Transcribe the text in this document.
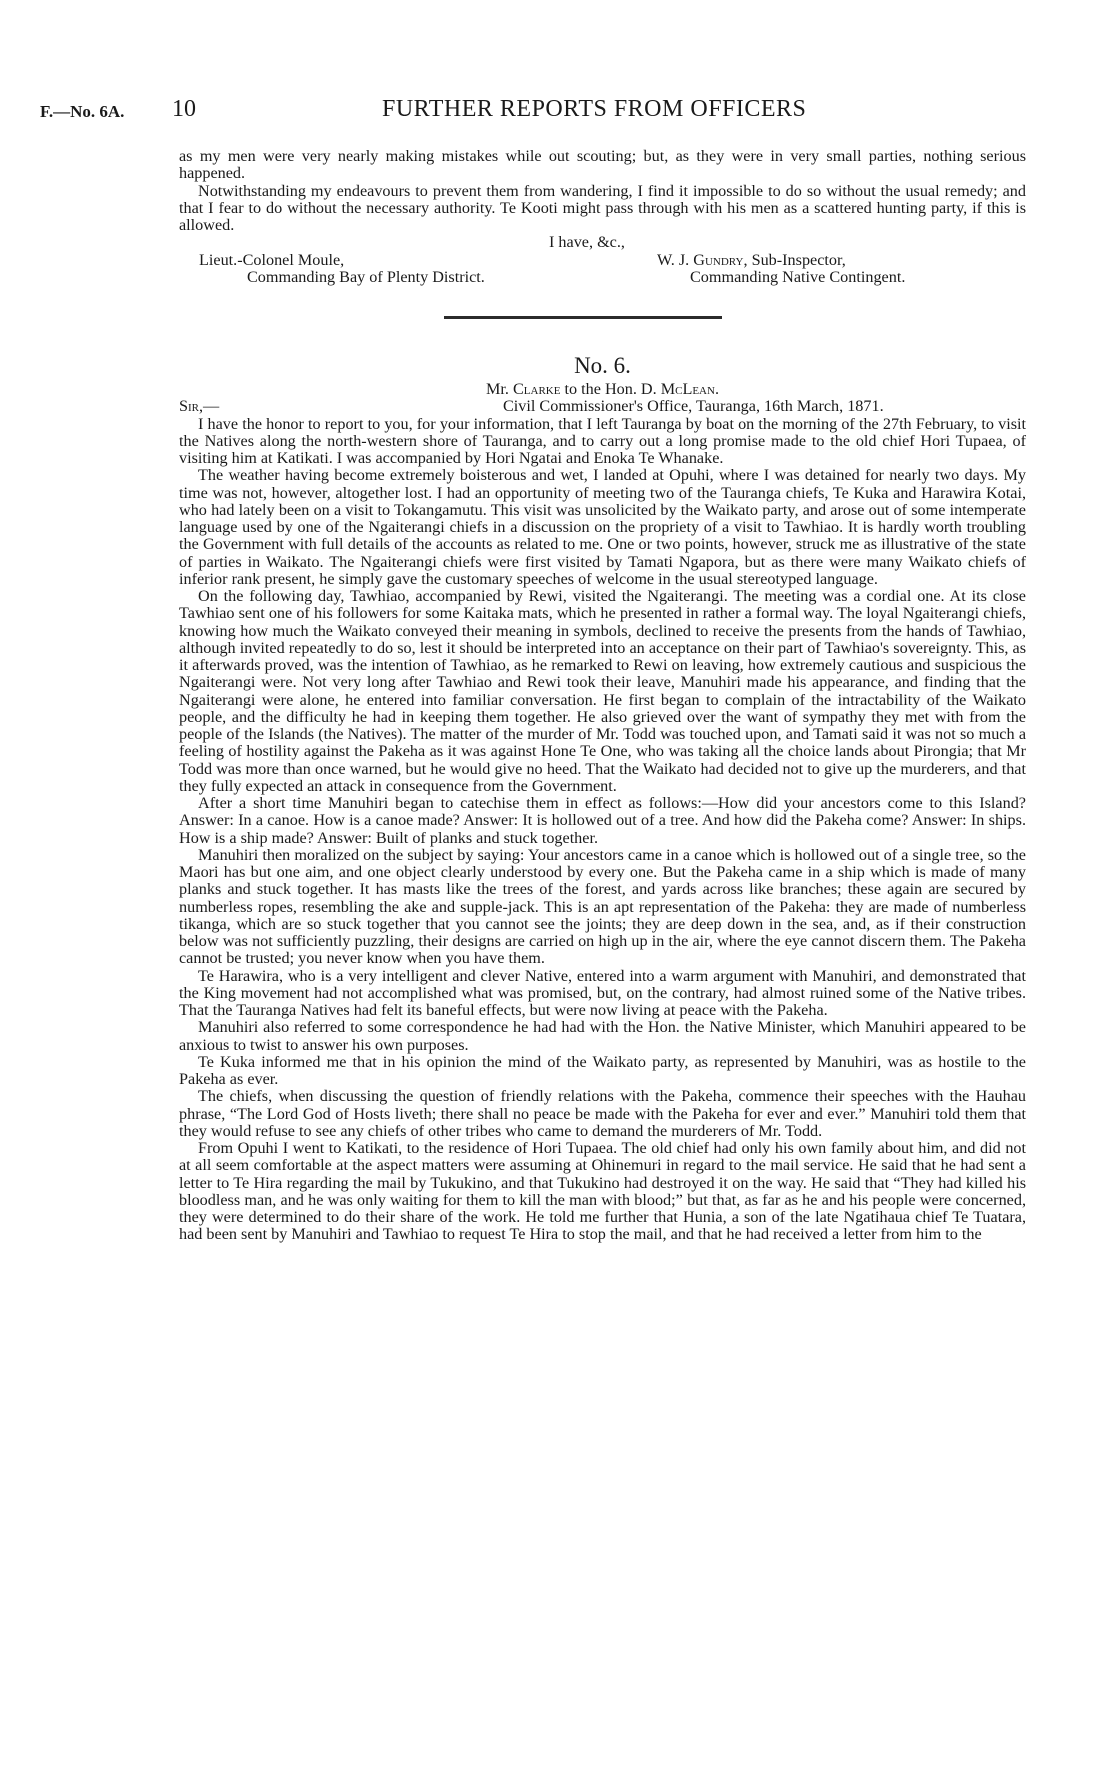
F.—No. 6A. 10	FURTHER REPORTS FROM OFFICERS

as my men were very nearly making mistakes while out scouting; but, as they were in very small parties, nothing serious happened.

Notwithstanding my endeavours to prevent them from wandering, I find it impossible to do so without the usual remedy; and that I fear to do without the necessary authority. Te Kooti might pass through with his men as a scattered hunting party, if this is allowed.

I have, &c.,

Lieut.-Colonel Moule,
Commanding Bay of Plenty District.
W. J. Gundry, Sub-Inspector,
Commanding Native Contingent.
No. 6.
Mr. Clarke to the Hon. D. McLean.
Sir,—	Civil Commissioner's Office, Tauranga, 16th March, 1871.

I have the honor to report to you, for your information, that I left Tauranga by boat on the morning of the 27th February, to visit the Natives along the north-western shore of Tauranga, and to carry out a long promise made to the old chief Hori Tupaea, of visiting him at Katikati. I was accompanied by Hori Ngatai and Enoka Te Whanake.

The weather having become extremely boisterous and wet, I landed at Opuhi, where I was detained for nearly two days. My time was not, however, altogether lost. I had an opportunity of meeting two of the Tauranga chiefs, Te Kuka and Harawira Kotai, who had lately been on a visit to Tokangamutu. This visit was unsolicited by the Waikato party, and arose out of some intemperate language used by one of the Ngaiterangi chiefs in a discussion on the propriety of a visit to Tawhiao. It is hardly worth troubling the Government with full details of the accounts as related to me. One or two points, however, struck me as illustrative of the state of parties in Waikato. The Ngaiterangi chiefs were first visited by Tamati Ngapora, but as there were many Waikato chiefs of inferior rank present, he simply gave the customary speeches of welcome in the usual stereotyped language.

On the following day, Tawhiao, accompanied by Rewi, visited the Ngaiterangi. The meeting was a cordial one. At its close Tawhiao sent one of his followers for some Kaitaka mats, which he presented in rather a formal way. The loyal Ngaiterangi chiefs, knowing how much the Waikato conveyed their meaning in symbols, declined to receive the presents from the hands of Tawhiao, although invited repeatedly to do so, lest it should be interpreted into an acceptance on their part of Tawhiao's sovereignty. This, as it afterwards proved, was the intention of Tawhiao, as he remarked to Rewi on leaving, how extremely cautious and suspicious the Ngaiterangi were. Not very long after Tawhiao and Rewi took their leave, Manuhiri made his appearance, and finding that the Ngaiterangi were alone, he entered into familiar conversation. He first began to complain of the intractability of the Waikato people, and the difficulty he had in keeping them together. He also grieved over the want of sympathy they met with from the people of the Islands (the Natives). The matter of the murder of Mr. Todd was touched upon, and Tamati said it was not so much a feeling of hostility against the Pakeha as it was against Hone Te One, who was taking all the choice lands about Pirongia; that Mr Todd was more than once warned, but he would give no heed. That the Waikato had decided not to give up the murderers, and that they fully expected an attack in consequence from the Government.

After a short time Manuhiri began to catechise them in effect as follows:—How did your ancestors come to this Island? Answer: In a canoe. How is a canoe made? Answer: It is hollowed out of a tree. And how did the Pakeha come? Answer: In ships. How is a ship made? Answer: Built of planks and stuck together.

Manuhiri then moralized on the subject by saying: Your ancestors came in a canoe which is hollowed out of a single tree, so the Maori has but one aim, and one object clearly understood by every one. But the Pakeha came in a ship which is made of many planks and stuck together. It has masts like the trees of the forest, and yards across like branches; these again are secured by numberless ropes, resembling the ake and supple-jack. This is an apt representation of the Pakeha: they are made of numberless tikanga, which are so stuck together that you cannot see the joints; they are deep down in the sea, and, as if their construction below was not sufficiently puzzling, their designs are carried on high up in the air, where the eye cannot discern them. The Pakeha cannot be trusted; you never know when you have them.

Te Harawira, who is a very intelligent and clever Native, entered into a warm argument with Manuhiri, and demonstrated that the King movement had not accomplished what was promised, but, on the contrary, had almost ruined some of the Native tribes. That the Tauranga Natives had felt its baneful effects, but were now living at peace with the Pakeha.

Manuhiri also referred to some correspondence he had had with the Hon. the Native Minister, which Manuhiri appeared to be anxious to twist to answer his own purposes.

Te Kuka informed me that in his opinion the mind of the Waikato party, as represented by Manuhiri, was as hostile to the Pakeha as ever.

The chiefs, when discussing the question of friendly relations with the Pakeha, commence their speeches with the Hauhau phrase, “The Lord God of Hosts liveth; there shall no peace be made with the Pakeha for ever and ever.” Manuhiri told them that they would refuse to see any chiefs of other tribes who came to demand the murderers of Mr. Todd.

From Opuhi I went to Katikati, to the residence of Hori Tupaea. The old chief had only his own family about him, and did not at all seem comfortable at the aspect matters were assuming at Ohinemuri in regard to the mail service. He said that he had sent a letter to Te Hira regarding the mail by Tukukino, and that Tukukino had destroyed it on the way. He said that “They had killed his bloodless man, and he was only waiting for them to kill the man with blood;” but that, as far as he and his people were concerned, they were determined to do their share of the work. He told me further that Hunia, a son of the late Ngatihaua chief Te Tuatara, had been sent by Manuhiri and Tawhiao to request Te Hira to stop the mail, and that he had received a letter from him to the
